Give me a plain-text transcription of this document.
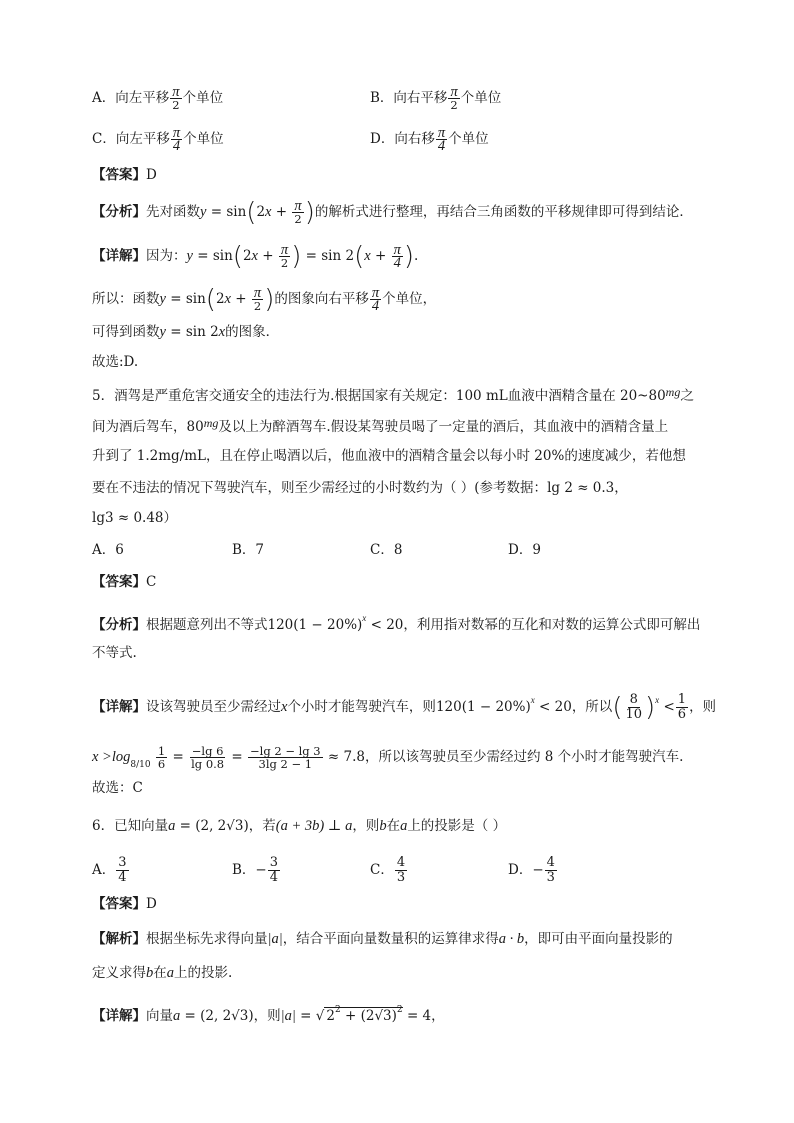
A．向左平移 $\frac{\pi}{2}$ 个单位	B．向右平移 $\frac{\pi}{2}$ 个单位
C．向左平移 $\frac{\pi}{4}$ 个单位	D．向右移 $\frac{\pi}{4}$ 个单位
【答案】D
【分析】先对函数$y = \sin(2x + \frac{\pi}{2}$ )的解析式进行整理，再结合三角函数的平移规律即可得到结论．
【详解】因为：$y = \sin(2x + \frac{\pi}{2}$ ) = $\sin 2(x + \frac{\pi}{4}$ ).
所以：函数$y = \sin(2x + \frac{\pi}{2}$ )的图象向右平移 $\frac{\pi}{4}$ 个单位，
可得到函数y = sin 2x的图象．
故选:D.
5．酒驾是严重危害交通安全的违法行为.根据国家有关规定：100 mL血液中酒精含量在 20~80mg之
间为酒后驾车，80mg及以上为醉酒驾车.假设某驾驶员喝了一定量的酒后，其血液中的酒精含量上
升到了 1.2mg/mL，且在停止喝酒以后，他血液中的酒精含量会以每小时 20%的速度减少，若他想
要在不违法的情况下驾驶汽车，则至少需经过的小时数约为（ ）(参考数据：lg 2 ≈ 0.3，
lg3 ≈ 0.48）
A．6	B．7	C．8	D．9
【答案】C
【分析】根据题意列出不等式$120(1 - 20\%)^x < 20$，利用指对数幂的互化和对数的运算公式即可解出
不等式.
【详解】设该驾驶员至少需经过x个小时才能驾驶汽车，则$120(1 - 20\%)^x < 20$，所以( $\frac{8}{10} )^x < \frac{1}{6}$ ，则
$x >\log_{8/10} \frac{1}{6} = \frac{-\lg 6}{\lg 0.8} = \frac{-\lg 2 - \lg 3}{3\lg 2 - 1} \approx 7.8$，所以该驾驶员至少需经过约 8 个小时才能驾驶汽车.
故选：C
6．已知向量a = (2, 2√3)，若(a + 3b) ⊥ a，则b在a上的投影是（ ）
A． $\frac{3}{4}$	B．− $\frac{3}{4}$	C． $\frac{4}{3}$	D．− $\frac{4}{3}$
【答案】D
【解析】根据坐标先求得向量|a|，结合平面向量数量积的运算律求得a · b，即可由平面向量投影的
定义求得b在a上的投影.
【详解】向量a = (2, 2√3)，则|a| = √ $2^2 + (2√3)^2 = 4$，
